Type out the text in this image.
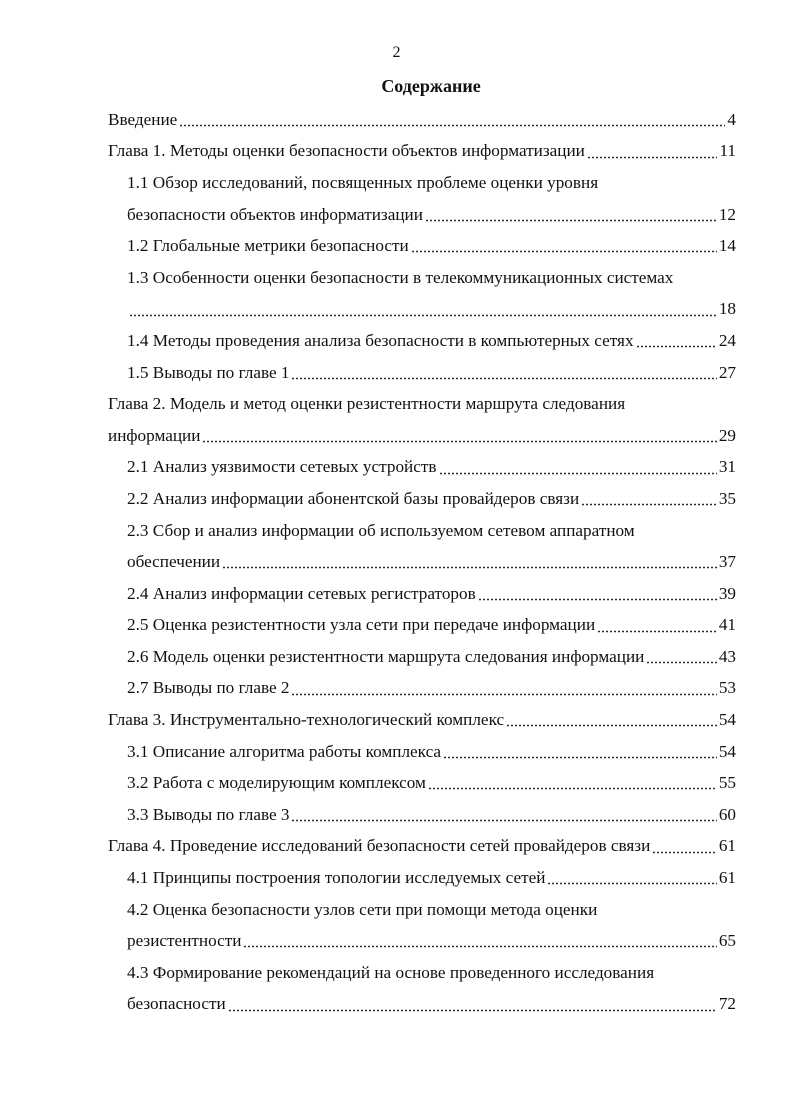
2
Содержание
Введение	4
Глава 1. Методы оценки безопасности объектов информатизации	11
1.1 Обзор исследований, посвященных проблеме оценки уровня
безопасности объектов информатизации	12
1.2 Глобальные метрики безопасности	14
1.3 Особенности оценки безопасности в телекоммуникационных системах
18
1.4 Методы проведения анализа безопасности в компьютерных сетях	24
1.5 Выводы по главе 1	27
Глава 2. Модель и метод оценки резистентности маршрута следования
информации	29
2.1 Анализ уязвимости сетевых устройств	31
2.2 Анализ информации абонентской базы провайдеров связи	35
2.3 Сбор и анализ информации об используемом сетевом аппаратном
обеспечении	37
2.4 Анализ информации сетевых регистраторов	39
2.5 Оценка резистентности узла сети при передаче информации	41
2.6 Модель оценки резистентности маршрута следования информации	43
2.7 Выводы по главе 2	53
Глава 3. Инструментально-технологический комплекс	54
3.1 Описание алгоритма работы комплекса	54
3.2 Работа с моделирующим комплексом	55
3.3 Выводы по главе 3	60
Глава 4. Проведение исследований безопасности сетей провайдеров связи	61
4.1 Принципы построения топологии исследуемых сетей	61
4.2 Оценка безопасности узлов сети при помощи метода оценки
резистентности	65
4.3 Формирование рекомендаций на основе проведенного исследования
безопасности	72
